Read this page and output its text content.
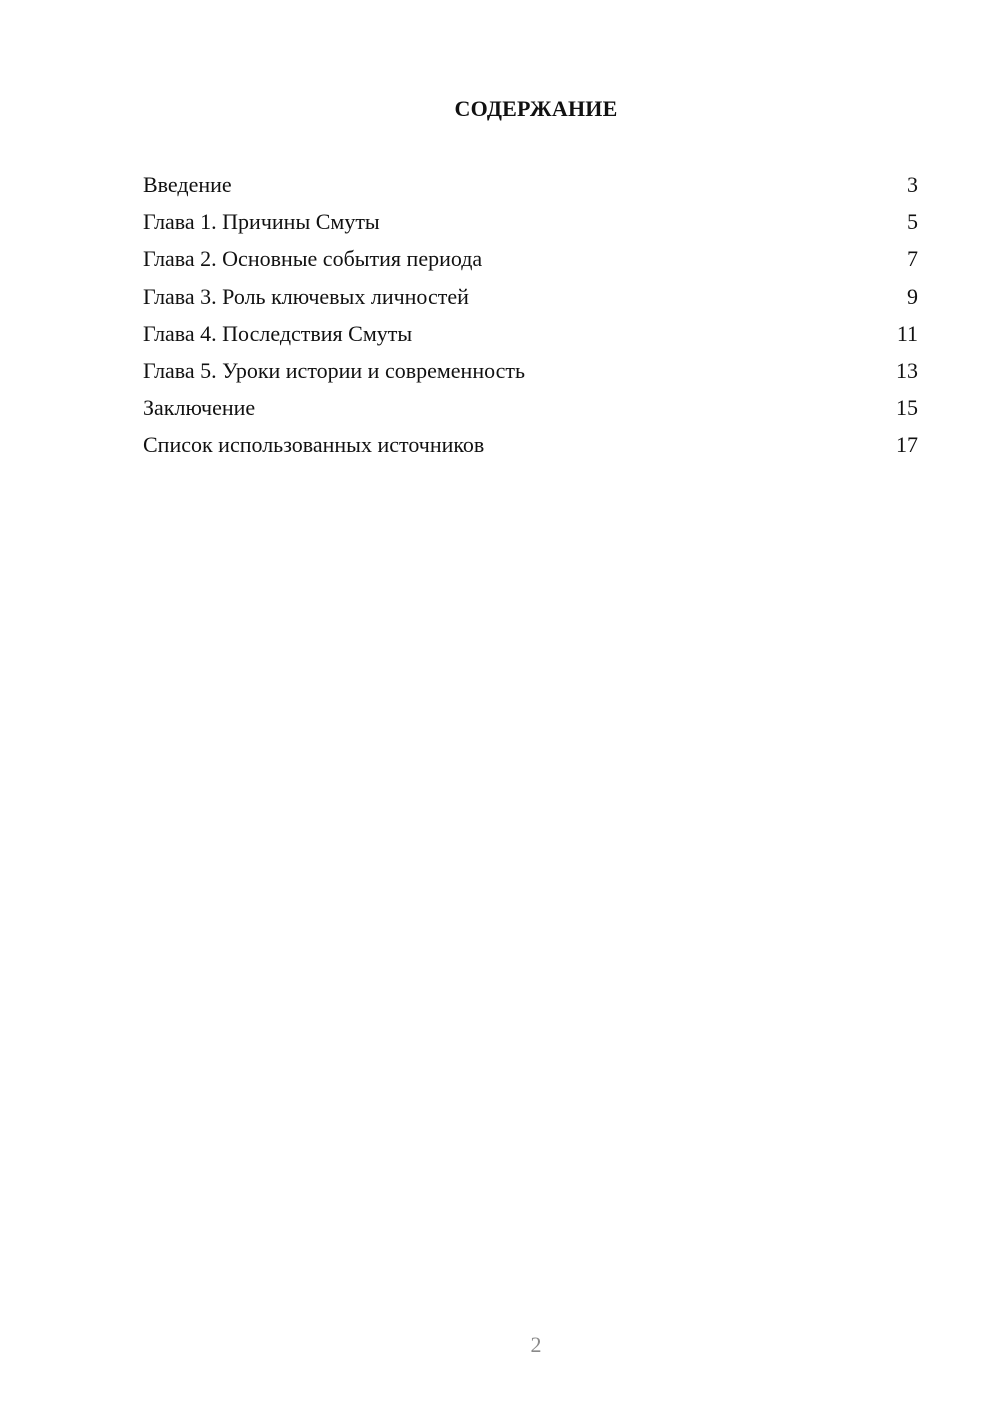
СОДЕРЖАНИЕ
Введение	3
Глава 1. Причины Смуты	5
Глава 2. Основные события периода	7
Глава 3. Роль ключевых личностей	9
Глава 4. Последствия Смуты	11
Глава 5. Уроки истории и современность	13
Заключение	15
Список использованных источников	17
2
